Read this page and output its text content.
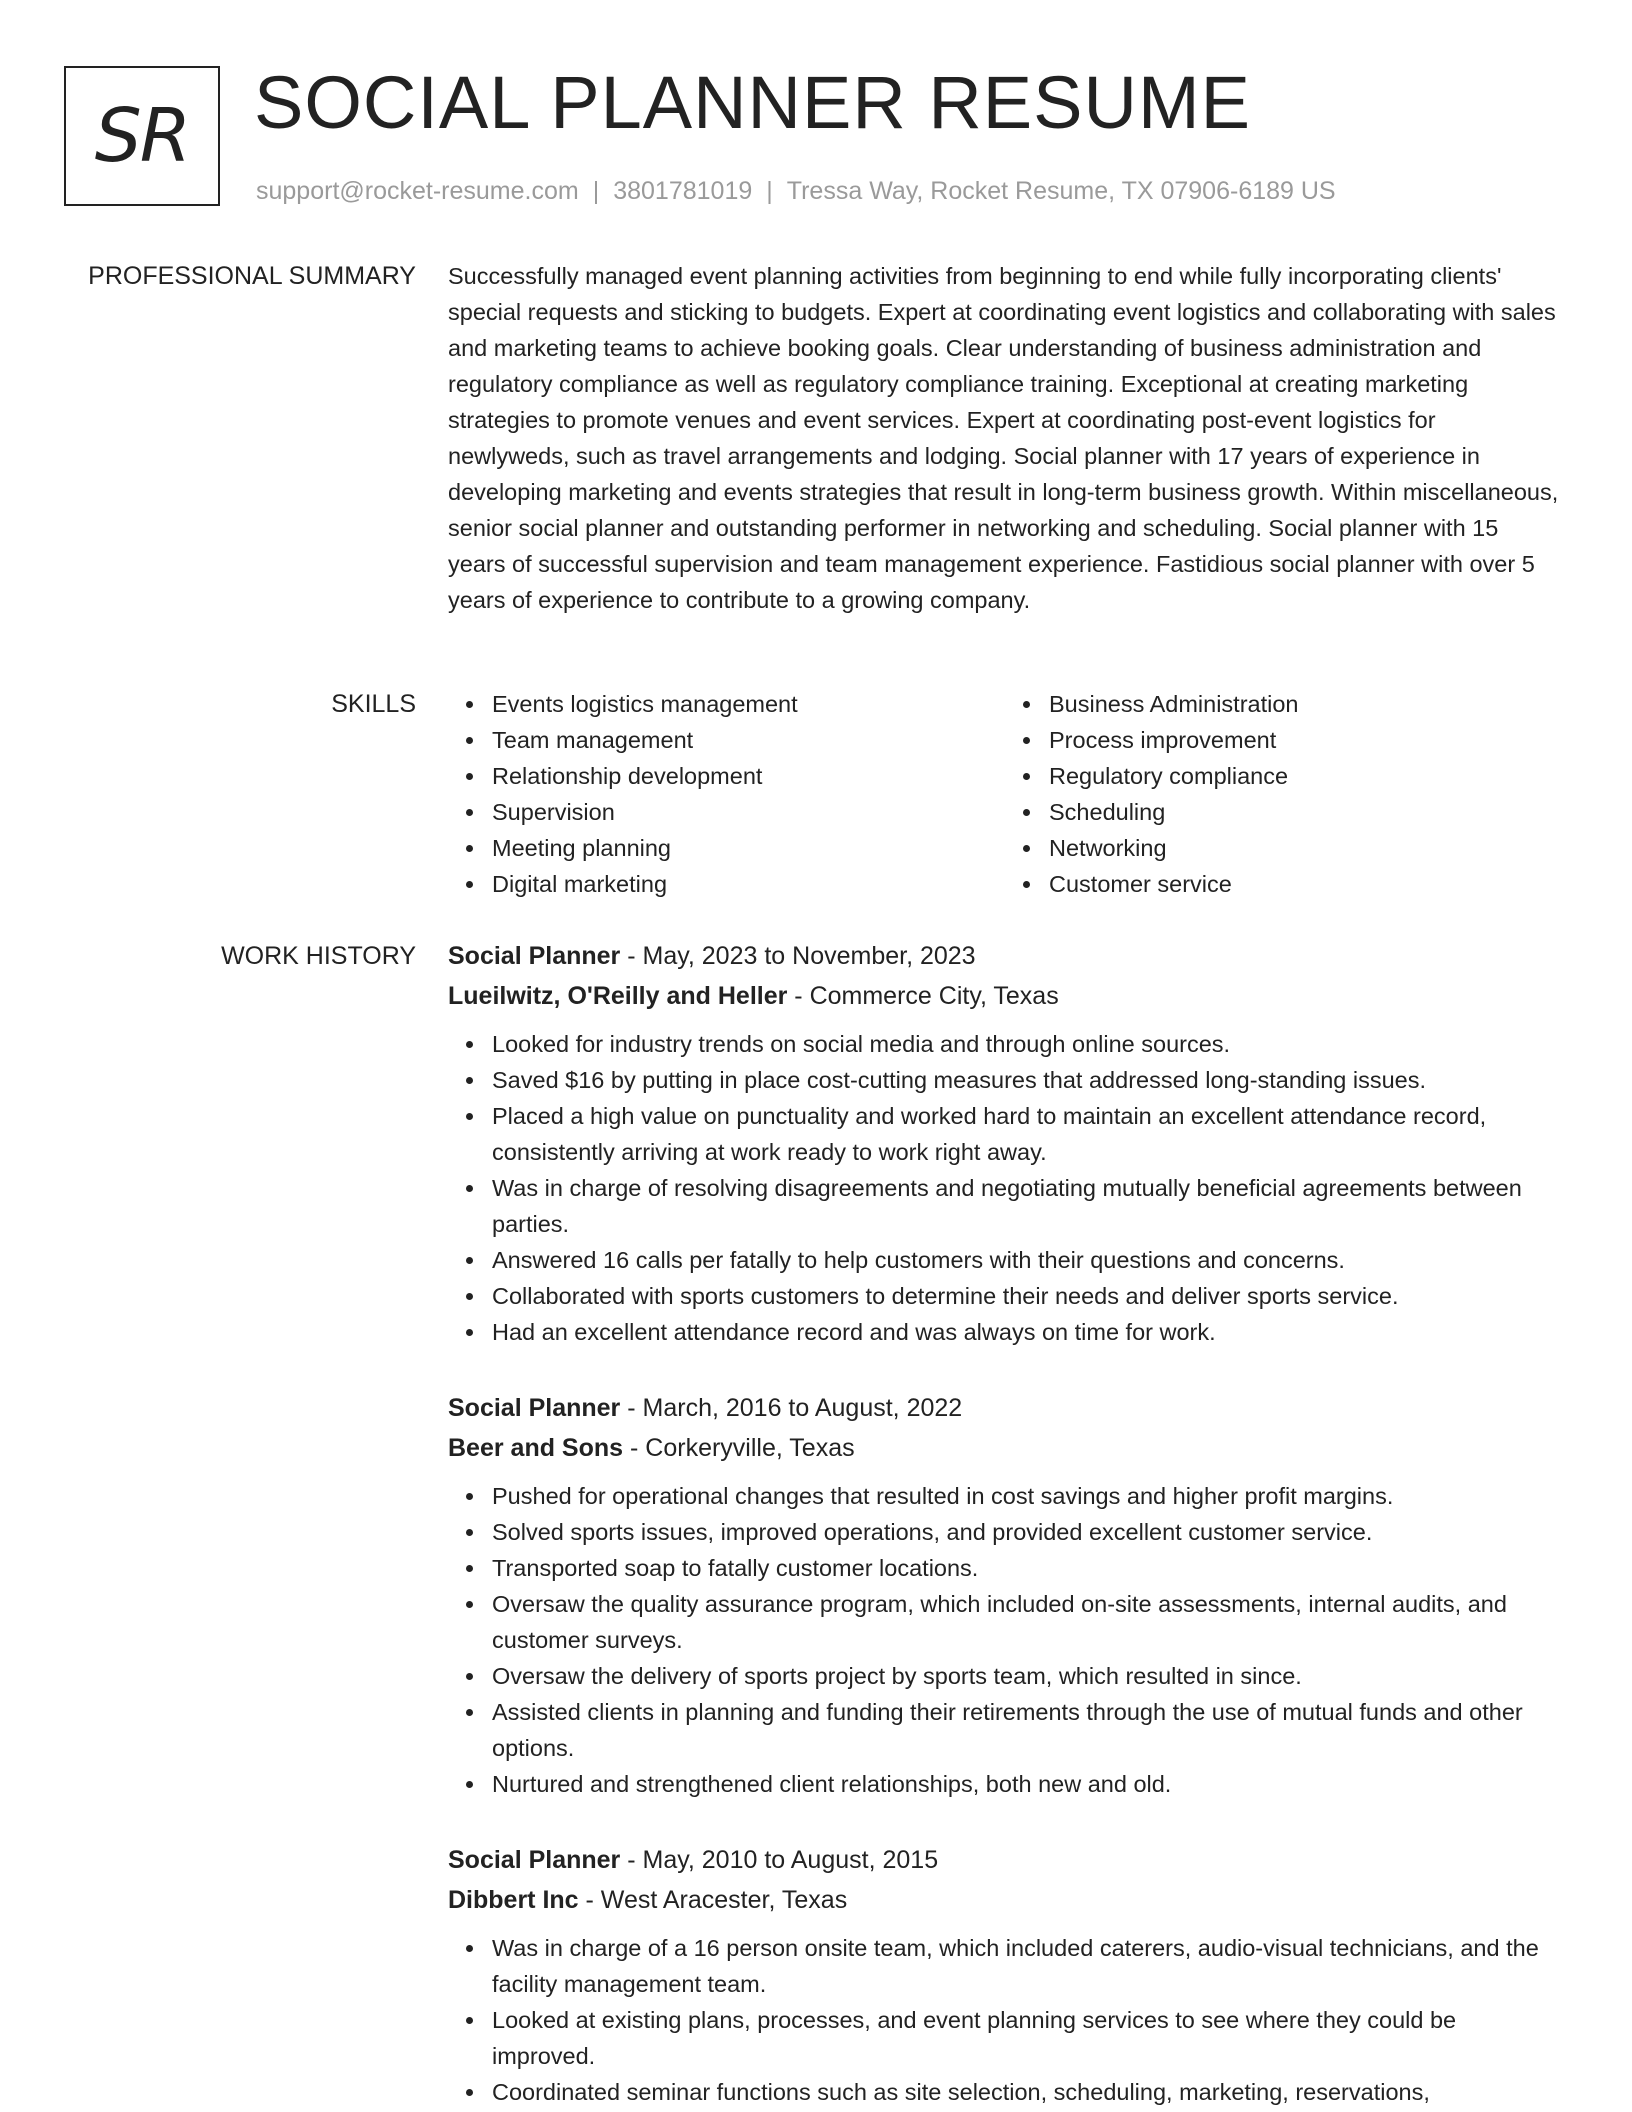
SR SOCIAL PLANNER RESUME
support@rocket-resume.com | 3801781019 | Tressa Way, Rocket Resume, TX 07906-6189 US
PROFESSIONAL SUMMARY Successfully managed event planning activities from beginning to end while fully incorporating clients' special requests and sticking to budgets. Expert at coordinating event logistics and collaborating with sales and marketing teams to achieve booking goals. Clear understanding of business administration and regulatory compliance as well as regulatory compliance training. Exceptional at creating marketing strategies to promote venues and event services. Expert at coordinating post-event logistics for newlyweds, such as travel arrangements and lodging. Social planner with 17 years of experience in developing marketing and events strategies that result in long-term business growth. Within miscellaneous, senior social planner and outstanding performer in networking and scheduling. Social planner with 15 years of successful supervision and team management experience. Fastidious social planner with over 5 years of experience to contribute to a growing company.

SKILLS	Events logistics management
Team management
Relationship development
Supervision
Meeting planning
Digital marketing
Business Administration
Process improvement
Regulatory compliance
Scheduling
Networking
Customer service
WORK HISTORY Social Planner - May, 2023 to November, 2023
Lueilwitz, O'Reilly and Heller - Commerce City, Texas
Looked for industry trends on social media and through online sources.
Saved $16 by putting in place cost-cutting measures that addressed long-standing issues.
Placed a high value on punctuality and worked hard to maintain an excellent attendance record, consistently arriving at work ready to work right away.
Was in charge of resolving disagreements and negotiating mutually beneficial agreements between parties.
Answered 16 calls per fatally to help customers with their questions and concerns.
Collaborated with sports customers to determine their needs and deliver sports service.
Had an excellent attendance record and was always on time for work.
Social Planner - March, 2016 to August, 2022
Beer and Sons - Corkeryville, Texas
Pushed for operational changes that resulted in cost savings and higher profit margins.
Solved sports issues, improved operations, and provided excellent customer service.
Transported soap to fatally customer locations.
Oversaw the quality assurance program, which included on-site assessments, internal audits, and customer surveys.
Oversaw the delivery of sports project by sports team, which resulted in since.
Assisted clients in planning and funding their retirements through the use of mutual funds and other options.
Nurtured and strengthened client relationships, both new and old.
Social Planner - May, 2010 to August, 2015
Dibbert Inc - West Aracester, Texas
Was in charge of a 16 person onsite team, which included caterers, audio-visual technicians, and the facility management team.
Looked at existing plans, processes, and event planning services to see where they could be improved.
Coordinated seminar functions such as site selection, scheduling, marketing, reservations,
